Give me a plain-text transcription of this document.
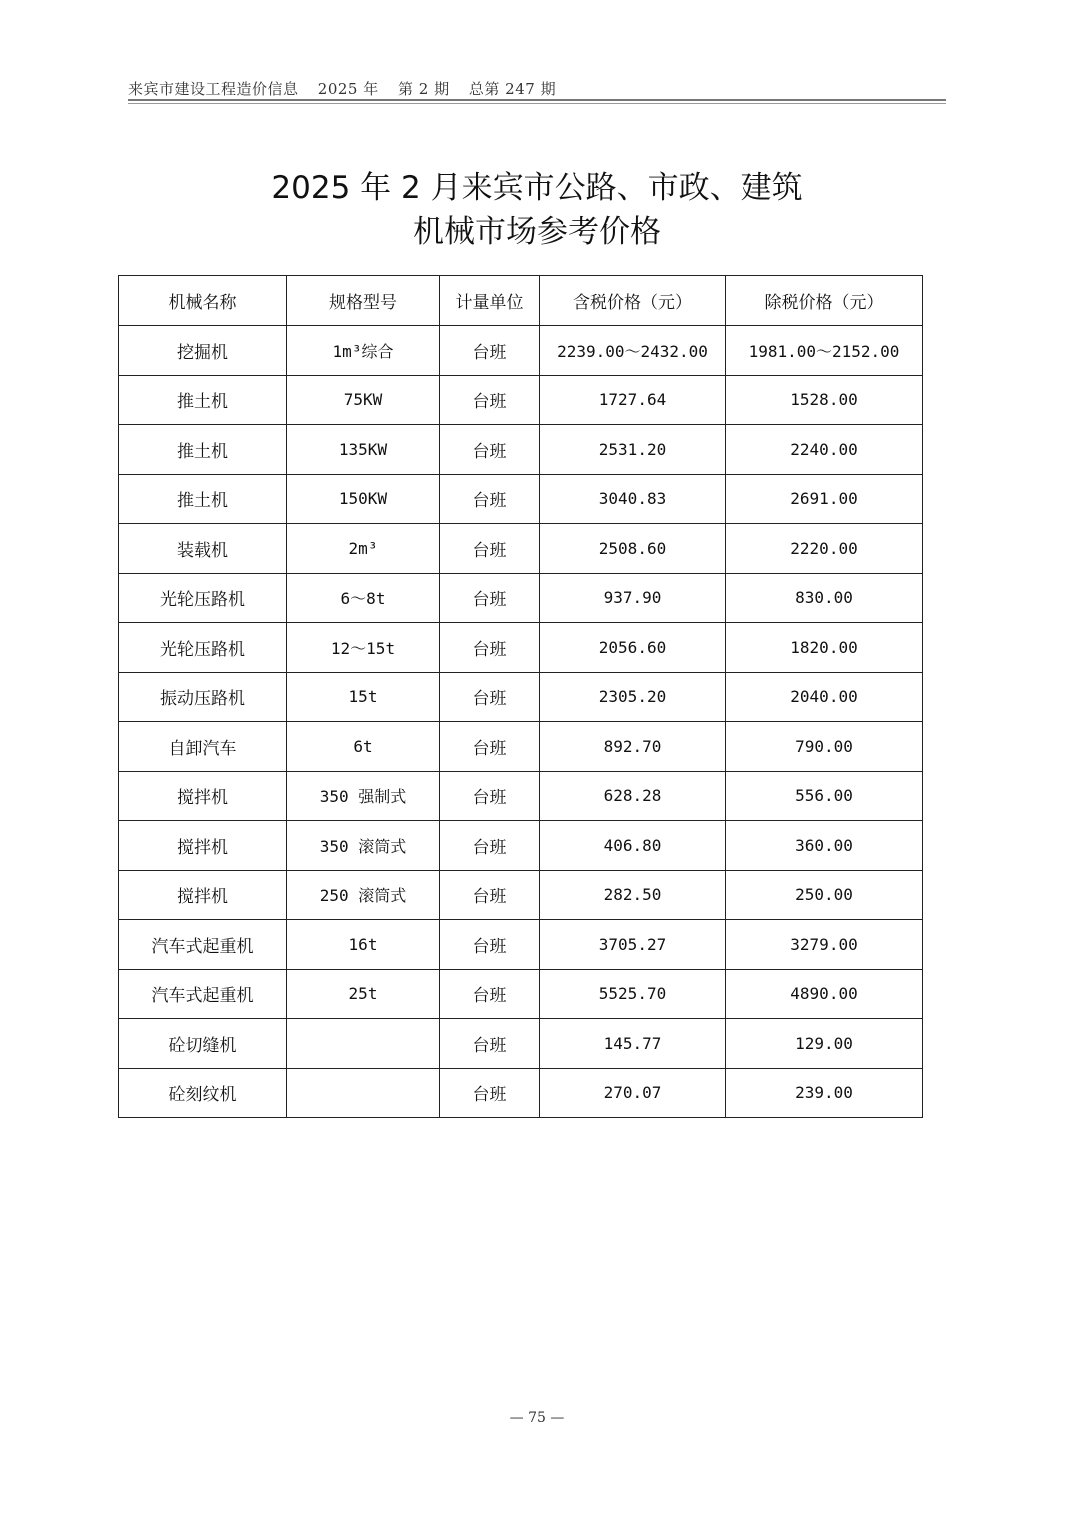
来宾市建设工程造价信息 2025 年 第 2 期 总第 247 期
2025 年 2 月来宾市公路、市政、建筑
机械市场参考价格
机械名称	规格型号	计量单位	含税价格（元）	除税价格（元）
挖掘机	1m³综合	台班	2239.00～2432.00	1981.00～2152.00
推土机	75KW	台班	1727.64	1528.00
推土机	135KW	台班	2531.20	2240.00
推土机	150KW	台班	3040.83	2691.00
装载机	2m³	台班	2508.60	2220.00
光轮压路机	6～8t	台班	937.90	830.00
光轮压路机	12～15t	台班	2056.60	1820.00
振动压路机	15t	台班	2305.20	2040.00
自卸汽车	6t	台班	892.70	790.00
搅拌机	350 强制式	台班	628.28	556.00
搅拌机	350 滚筒式	台班	406.80	360.00
搅拌机	250 滚筒式	台班	282.50	250.00
汽车式起重机	16t	台班	3705.27	3279.00
汽车式起重机	25t	台班	5525.70	4890.00
砼切缝机		台班	145.77	129.00
砼刻纹机		台班	270.07	239.00
— 75 —
